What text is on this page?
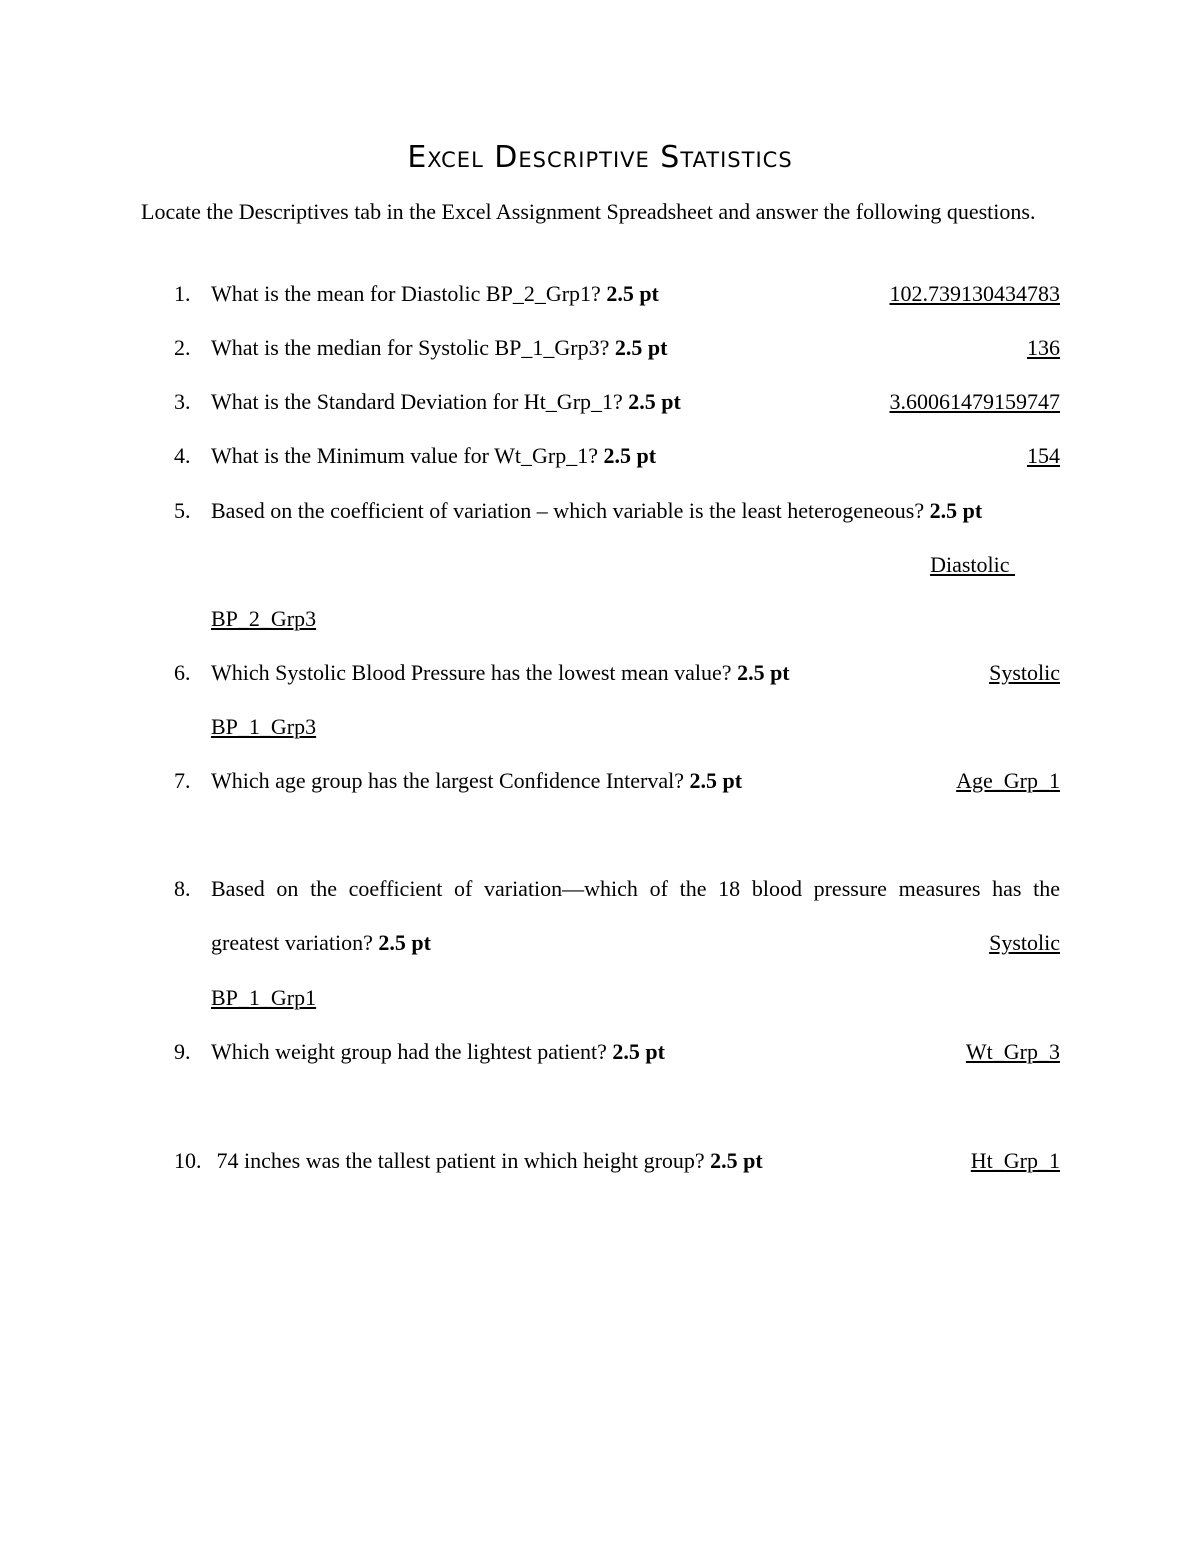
Excel Descriptive Statistics
Locate the Descriptives tab in the Excel Assignment Spreadsheet and answer the following questions.
1. What is the mean for Diastolic BP_2_Grp1? 2.5 pt	102.739130434783
2. What is the median for Systolic BP_1_Grp3? 2.5 pt	136
3. What is the Standard Deviation for Ht_Grp_1? 2.5 pt	3.60061479159747
4. What is the Minimum value for Wt_Grp_1? 2.5 pt	154
5. Based on the coefficient of variation – which variable is the least heterogeneous? 2.5 pt
Diastolic
BP_2_Grp3
6. Which Systolic Blood Pressure has the lowest mean value? 2.5 pt	Systolic
BP_1_Grp3
7. Which age group has the largest Confidence Interval? 2.5 pt	Age_Grp_1
8. Based on the coefficient of variation—which of the 18 blood pressure measures has the
greatest variation? 2.5 pt	Systolic
BP_1_Grp1
9. Which weight group had the lightest patient? 2.5 pt	Wt_Grp_3
10. 74 inches was the tallest patient in which height group? 2.5 pt	Ht_Grp_1
